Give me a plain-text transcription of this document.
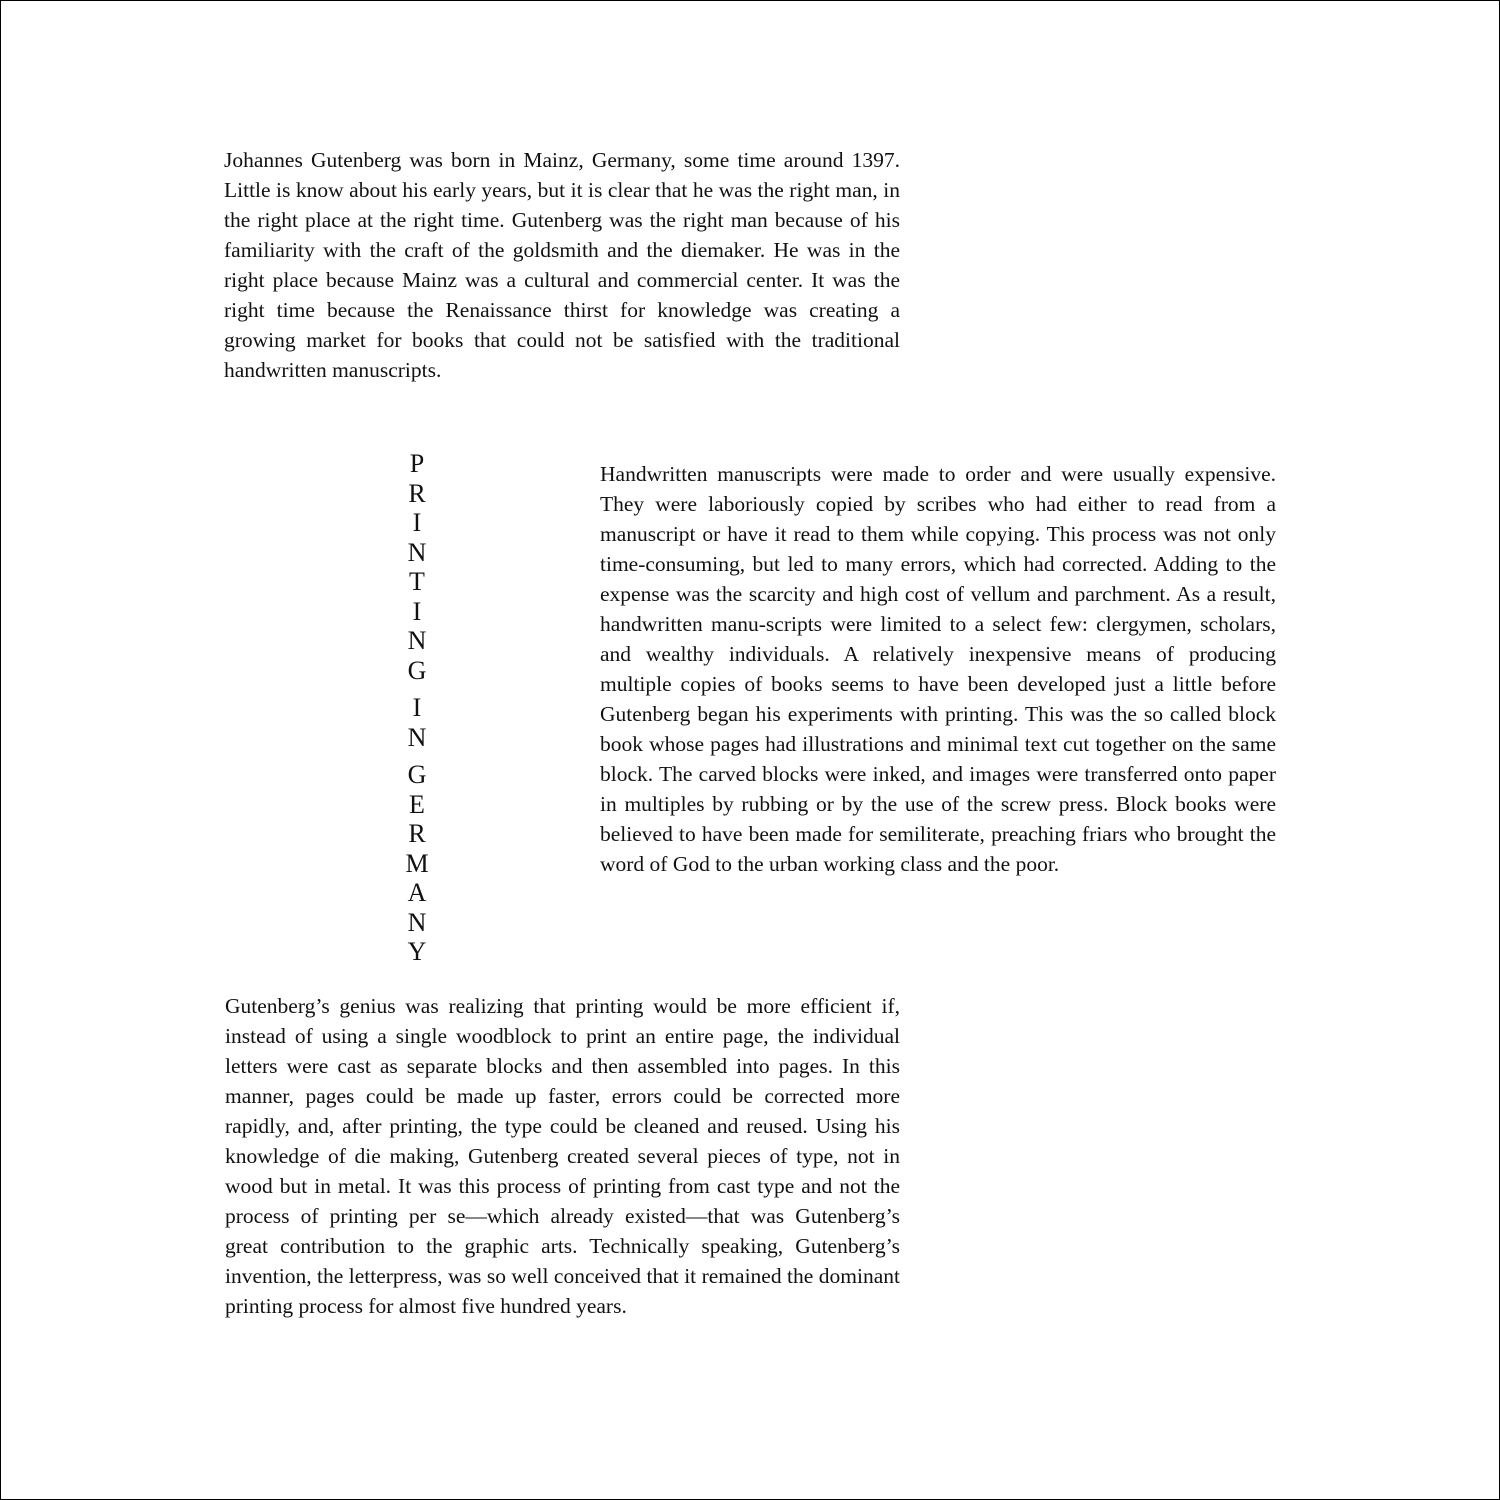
Johannes Gutenberg was born in Mainz, Germany, some time around 1397. Little is know about his early years, but it is clear that he was the right man, in the right place at the right time. Gutenberg was the right man because of his familiarity with the craft of the goldsmith and the diemaker. He was in the right place because Mainz was a cultural and commercial center. It was the right time because the Renaissance thirst for knowledge was creating a growing market for books that could not be satisfied with the traditional handwritten manuscripts.

P
R
I
N
T
I
N
G
I
N
G
E
R
M
A
N
Y

Handwritten manuscripts were made to order and were usually expensive. They were laboriously copied by scribes who had either to read from a manuscript or have it read to them while copying. This process was not only time-consuming, but led to many errors, which had corrected. Adding to the expense was the scarcity and high cost of vellum and parchment. As a result, handwritten manu-scripts were limited to a select few: clergymen, scholars, and wealthy individuals. A relatively inexpensive means of producing multiple copies of books seems to have been developed just a little before Gutenberg began his experiments with printing. This was the so called block book whose pages had illustrations and minimal text cut together on the same block. The carved blocks were inked, and images were transferred onto paper in multiples by rubbing or by the use of the screw press. Block books were believed to have been made for semiliterate, preaching friars who brought the word of God to the urban working class and the poor.

Gutenberg’s genius was realizing that printing would be more efficient if, instead of using a single woodblock to print an entire page, the individual letters were cast as separate blocks and then assembled into pages. In this manner, pages could be made up faster, errors could be corrected more rapidly, and, after printing, the type could be cleaned and reused. Using his knowledge of die making, Gutenberg created several pieces of type, not in wood but in metal. It was this process of printing from cast type and not the process of printing per se—which already existed—that was Gutenberg’s great contribution to the graphic arts. Technically speaking, Gutenberg’s invention, the letterpress, was so well conceived that it remained the dominant printing process for almost five hundred years.
